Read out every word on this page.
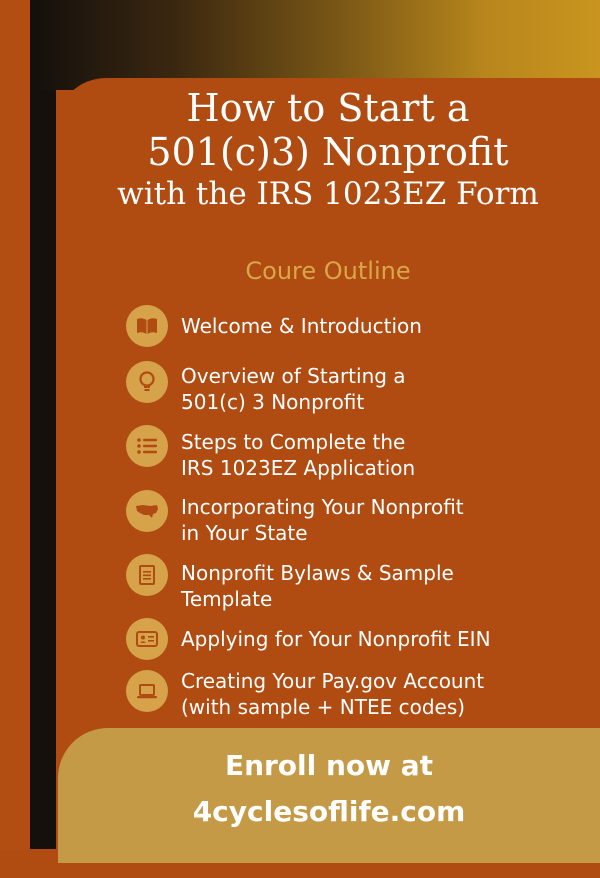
How to Start a
501(c)3) Nonprofit
with the IRS 1023EZ Form
Coure Outline
Welcome & Introduction
Overview of Starting a
501(c) 3 Nonprofit
Steps to Complete the
IRS 1023EZ Application
Incorporating Your Nonprofit
in Your State
Nonprofit Bylaws & Sample
Template
Applying for Your Nonprofit EIN
Creating Your Pay.gov Account
(with sample + NTEE codes)
Enroll now at
4cyclesoflife.com
